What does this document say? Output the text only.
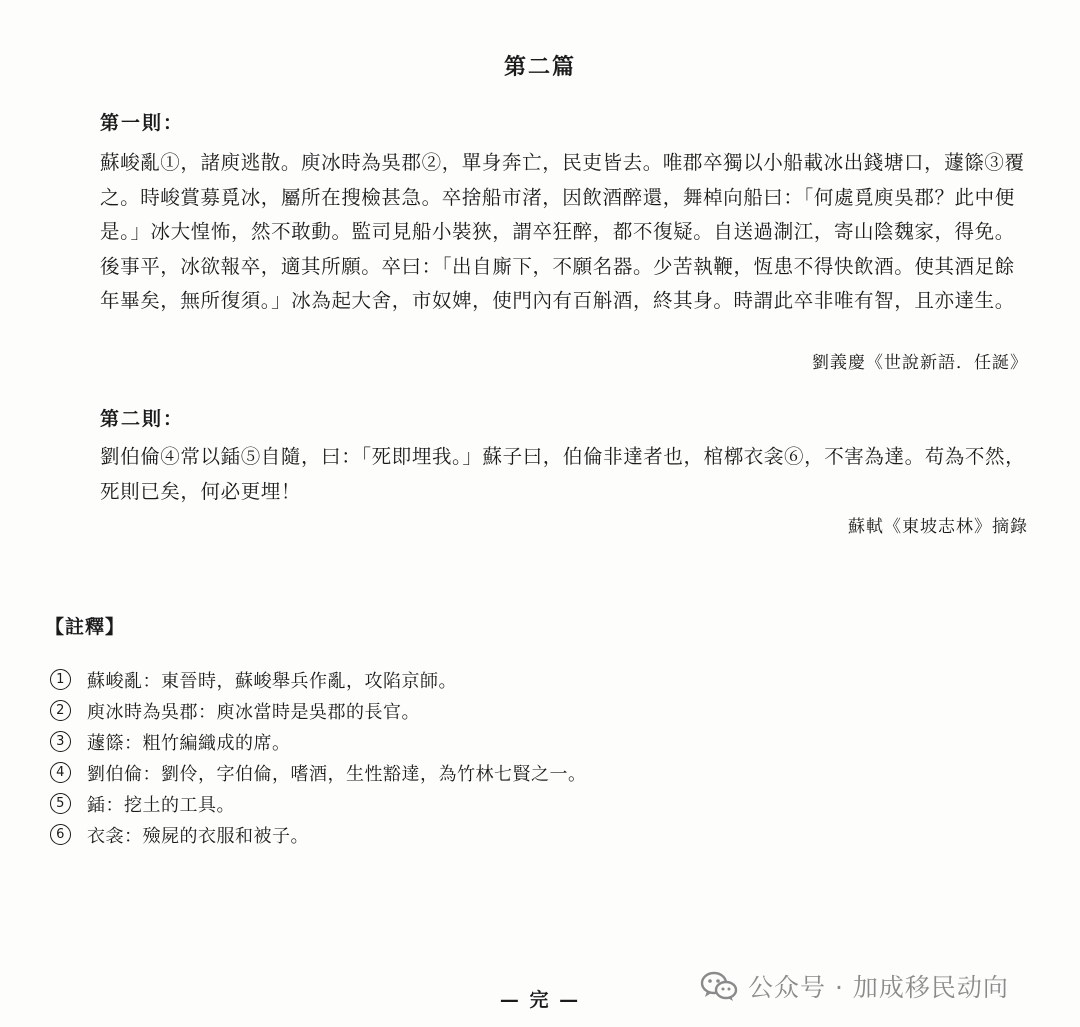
第二篇
第一則：

蘇峻亂①，諸庾逃散。庾冰時為吳郡②，單身奔亡，民吏皆去。唯郡卒獨以小船載冰出錢塘口，蘧篨③覆之。時峻賞募覓冰，屬所在搜檢甚急。卒捨船市渚，因飲酒醉還，舞棹向船曰：「何處覓庾吳郡？此中便是。」冰大惶怖，然不敢動。監司見船小裝狹，謂卒狂醉，都不復疑。自送過淛江，寄山陰魏家，得免。後事平，冰欲報卒，適其所願。卒曰：「出自廝下，不願名器。少苦執鞭，恆患不得快飲酒。使其酒足餘年畢矣，無所復須。」冰為起大舍，市奴婢，使門內有百斛酒，終其身。時謂此卒非唯有智，且亦達生。

劉義慶《世說新語．任誕》
第二則：

劉伯倫④常以鍤⑤自隨，曰：「死即埋我。」蘇子曰，伯倫非達者也，棺槨衣衾⑥，不害為達。苟為不然，死則已矣，何必更埋！

蘇軾《東坡志林》摘錄
【註釋】
1	蘇峻亂：東晉時，蘇峻舉兵作亂，攻陷京師。
2	庾冰時為吳郡：庾冰當時是吳郡的長官。
3	蘧篨：粗竹編織成的席。
4	劉伯倫：劉伶，字伯倫，嗜酒，生性豁達，為竹林七賢之一。
5	鍤：挖土的工具。
6	衣衾：殮屍的衣服和被子。
— 完 —	公众号 · 加成移民动向
